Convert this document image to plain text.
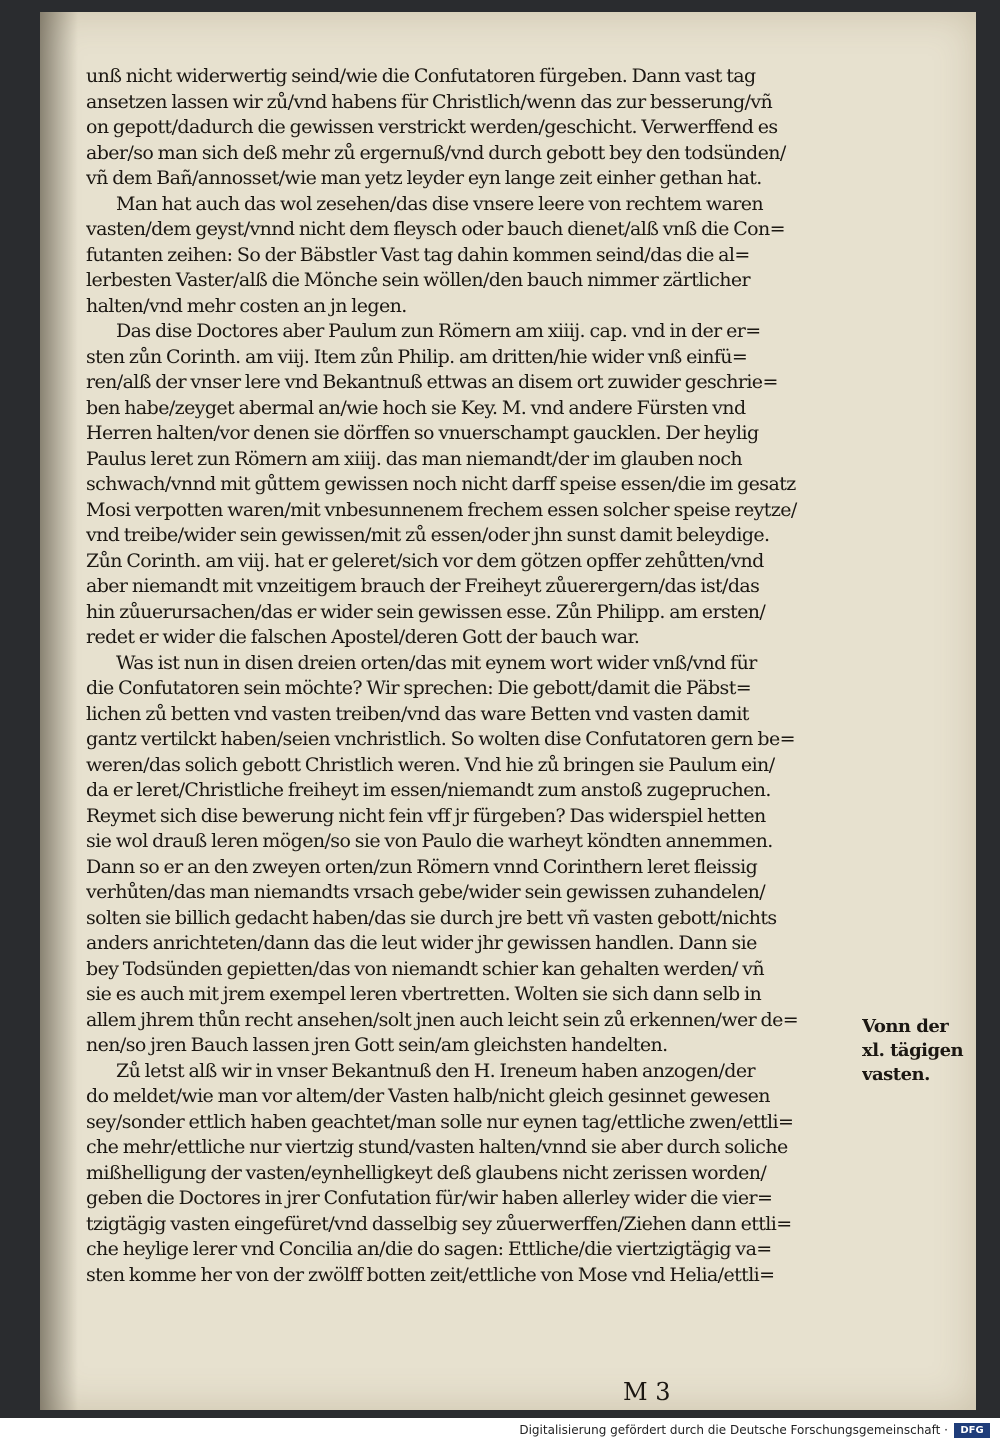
unß nicht widerwertig seind/wie die Confutatoren fürgeben. Dann vast tag
ansetzen lassen wir zů/vnd habens für Christlich/wenn das zur besserung/vñ
on gepott/dadurch die gewissen verstrickt werden/geschicht. Verwerffend es
aber/so man sich deß mehr zů ergernuß/vnd durch gebott bey den todsünden/
vñ dem Bañ/annosset/wie man yetz leyder eyn lange zeit einher gethan hat.
Man hat auch das wol zesehen/das dise vnsere leere von rechtem waren
vasten/dem geyst/vnnd nicht dem fleysch oder bauch dienet/alß vnß die Con=
futanten zeihen: So der Bäbstler Vast tag dahin kommen seind/das die al=
lerbesten Vaster/alß die Mönche sein wöllen/den bauch nimmer zärtlicher
halten/vnd mehr costen an jn legen.
Das dise Doctores aber Paulum zun Römern am xiiij. cap. vnd in der er=
sten zůn Corinth. am viij. Item zůn Philip. am dritten/hie wider vnß einfü=
ren/alß der vnser lere vnd Bekantnuß ettwas an disem ort zuwider geschrie=
ben habe/zeyget abermal an/wie hoch sie Key. M. vnd andere Fürsten vnd
Herren halten/vor denen sie dörffen so vnuerschampt gaucklen. Der heylig
Paulus leret zun Römern am xiiij. das man niemandt/der im glauben noch
schwach/vnnd mit gůttem gewissen noch nicht darff speise essen/die im gesatz
Mosi verpotten waren/mit vnbesunnenem frechem essen solcher speise reytze/
vnd treibe/wider sein gewissen/mit zů essen/oder jhn sunst damit beleydige.
Zůn Corinth. am viij. hat er geleret/sich vor dem götzen opffer zehůtten/vnd
aber niemandt mit vnzeitigem brauch der Freiheyt zůuerergern/das ist/das
hin zůuerursachen/das er wider sein gewissen esse. Zůn Philipp. am ersten/
redet er wider die falschen Apostel/deren Gott der bauch war.
Was ist nun in disen dreien orten/das mit eynem wort wider vnß/vnd für
die Confutatoren sein möchte? Wir sprechen: Die gebott/damit die Päbst=
lichen zů betten vnd vasten treiben/vnd das ware Betten vnd vasten damit
gantz vertilckt haben/seien vnchristlich. So wolten dise Confutatoren gern be=
weren/das solich gebott Christlich weren. Vnd hie zů bringen sie Paulum ein/
da er leret/Christliche freiheyt im essen/niemandt zum anstoß zugepruchen.
Reymet sich dise bewerung nicht fein vff jr fürgeben? Das widerspiel hetten
sie wol drauß leren mögen/so sie von Paulo die warheyt köndten annemmen.
Dann so er an den zweyen orten/zun Römern vnnd Corinthern leret fleissig
verhůten/das man niemandts vrsach gebe/wider sein gewissen zuhandelen/
solten sie billich gedacht haben/das sie durch jre bett vñ vasten gebott/nichts
anders anrichteten/dann das die leut wider jhr gewissen handlen. Dann sie
bey Todsünden gepietten/das von niemandt schier kan gehalten werden/ vñ
sie es auch mit jrem exempel leren vbertretten. Wolten sie sich dann selb in
allem jhrem thůn recht ansehen/solt jnen auch leicht sein zů erkennen/wer de=
nen/so jren Bauch lassen jren Gott sein/am gleichsten handelten.
Zů letst alß wir in vnser Bekantnuß den H. Ireneum haben anzogen/der
do meldet/wie man vor altem/der Vasten halb/nicht gleich gesinnet gewesen
sey/sonder ettlich haben geachtet/man solle nur eynen tag/ettliche zwen/ettli=
che mehr/ettliche nur viertzig stund/vasten halten/vnnd sie aber durch soliche
mißhelligung der vasten/eynhelligkeyt deß glaubens nicht zerissen worden/
geben die Doctores in jrer Confutation für/wir haben allerley wider die vier=
tzigtägig vasten eingefüret/vnd dasselbig sey zůuerwerffen/Ziehen dann ettli=
che heylige lerer vnd Concilia an/die do sagen: Ettliche/die viertzigtägig va=
sten komme her von der zwölff botten zeit/ettliche von Mose vnd Helia/ettli=
Vonn der
xl. tägigen
vasten.
M 3
Digitalisierung gefördert durch die Deutsche Forschungsgemeinschaft ·	DFG
